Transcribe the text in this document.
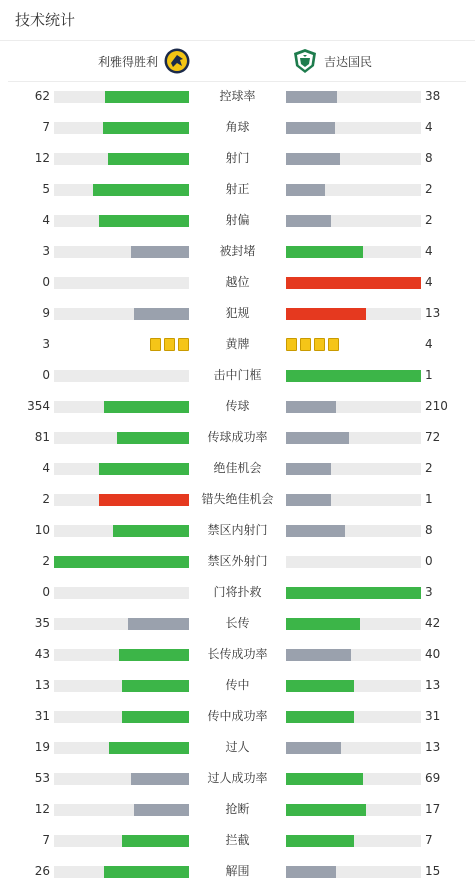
技术统计
利雅得胜利	吉达国民
62	38
控球率
7	4
角球
12	8
射门
5	2
射正
4	2
射偏
3	4
被封堵
0	4
越位
9	13
犯规
3	4
黄牌
0	1
击中门框
354	210
传球
81	72
传球成功率
4	2
绝佳机会
2	1
错失绝佳机会
10	8
禁区内射门
2	0
禁区外射门
0	3
门将扑救
35	42
长传
43	40
长传成功率
13	13
传中
31	31
传中成功率
19	13
过人
53	69
过人成功率
12	17
抢断
7	7
拦截
26	15
解围
